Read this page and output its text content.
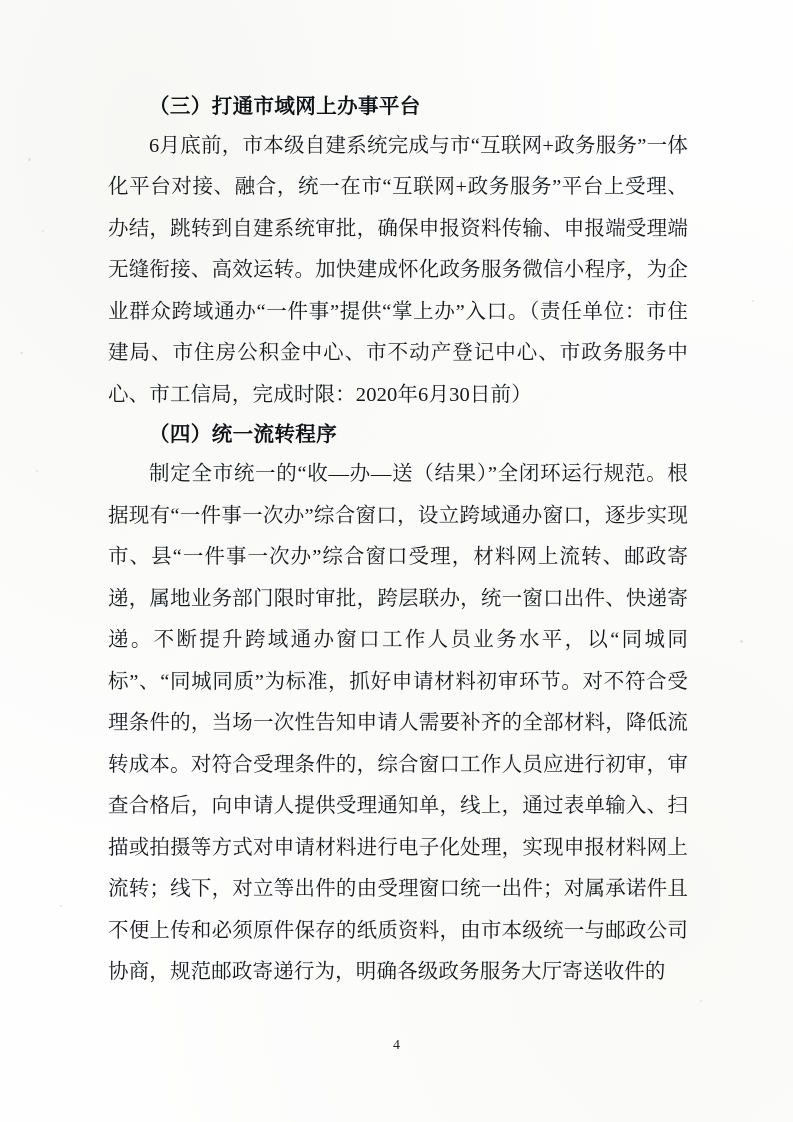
（三）打通市域网上办事平台

6月底前，市本级自建系统完成与市“互联网+政务服务”一体化平台对接、融合，统一在市“互联网+政务服务”平台上受理、办结，跳转到自建系统审批，确保申报资料传输、申报端受理端无缝衔接、高效运转。加快建成怀化政务服务微信小程序，为企业群众跨域通办“一件事”提供“掌上办”入口。（责任单位：市住建局、市住房公积金中心、市不动产登记中心、市政务服务中心、市工信局，完成时限：2020年6月30日前）

（四）统一流转程序

制定全市统一的“收—办—送（结果）”全闭环运行规范。根据现有“一件事一次办”综合窗口，设立跨域通办窗口，逐步实现市、县“一件事一次办”综合窗口受理，材料网上流转、邮政寄递，属地业务部门限时审批，跨层联办，统一窗口出件、快递寄递。不断提升跨域通办窗口工作人员业务水平，以“同城同标”、“同城同质”为标准，抓好申请材料初审环节。对不符合受理条件的，当场一次性告知申请人需要补齐的全部材料，降低流转成本。对符合受理条件的，综合窗口工作人员应进行初审，审查合格后，向申请人提供受理通知单，线上，通过表单输入、扫描或拍摄等方式对申请材料进行电子化处理，实现申报材料网上流转；线下，对立等出件的由受理窗口统一出件；对属承诺件且不便上传和必须原件保存的纸质资料，由市本级统一与邮政公司协商，规范邮政寄递行为，明确各级政务服务大厅寄送收件的

4
